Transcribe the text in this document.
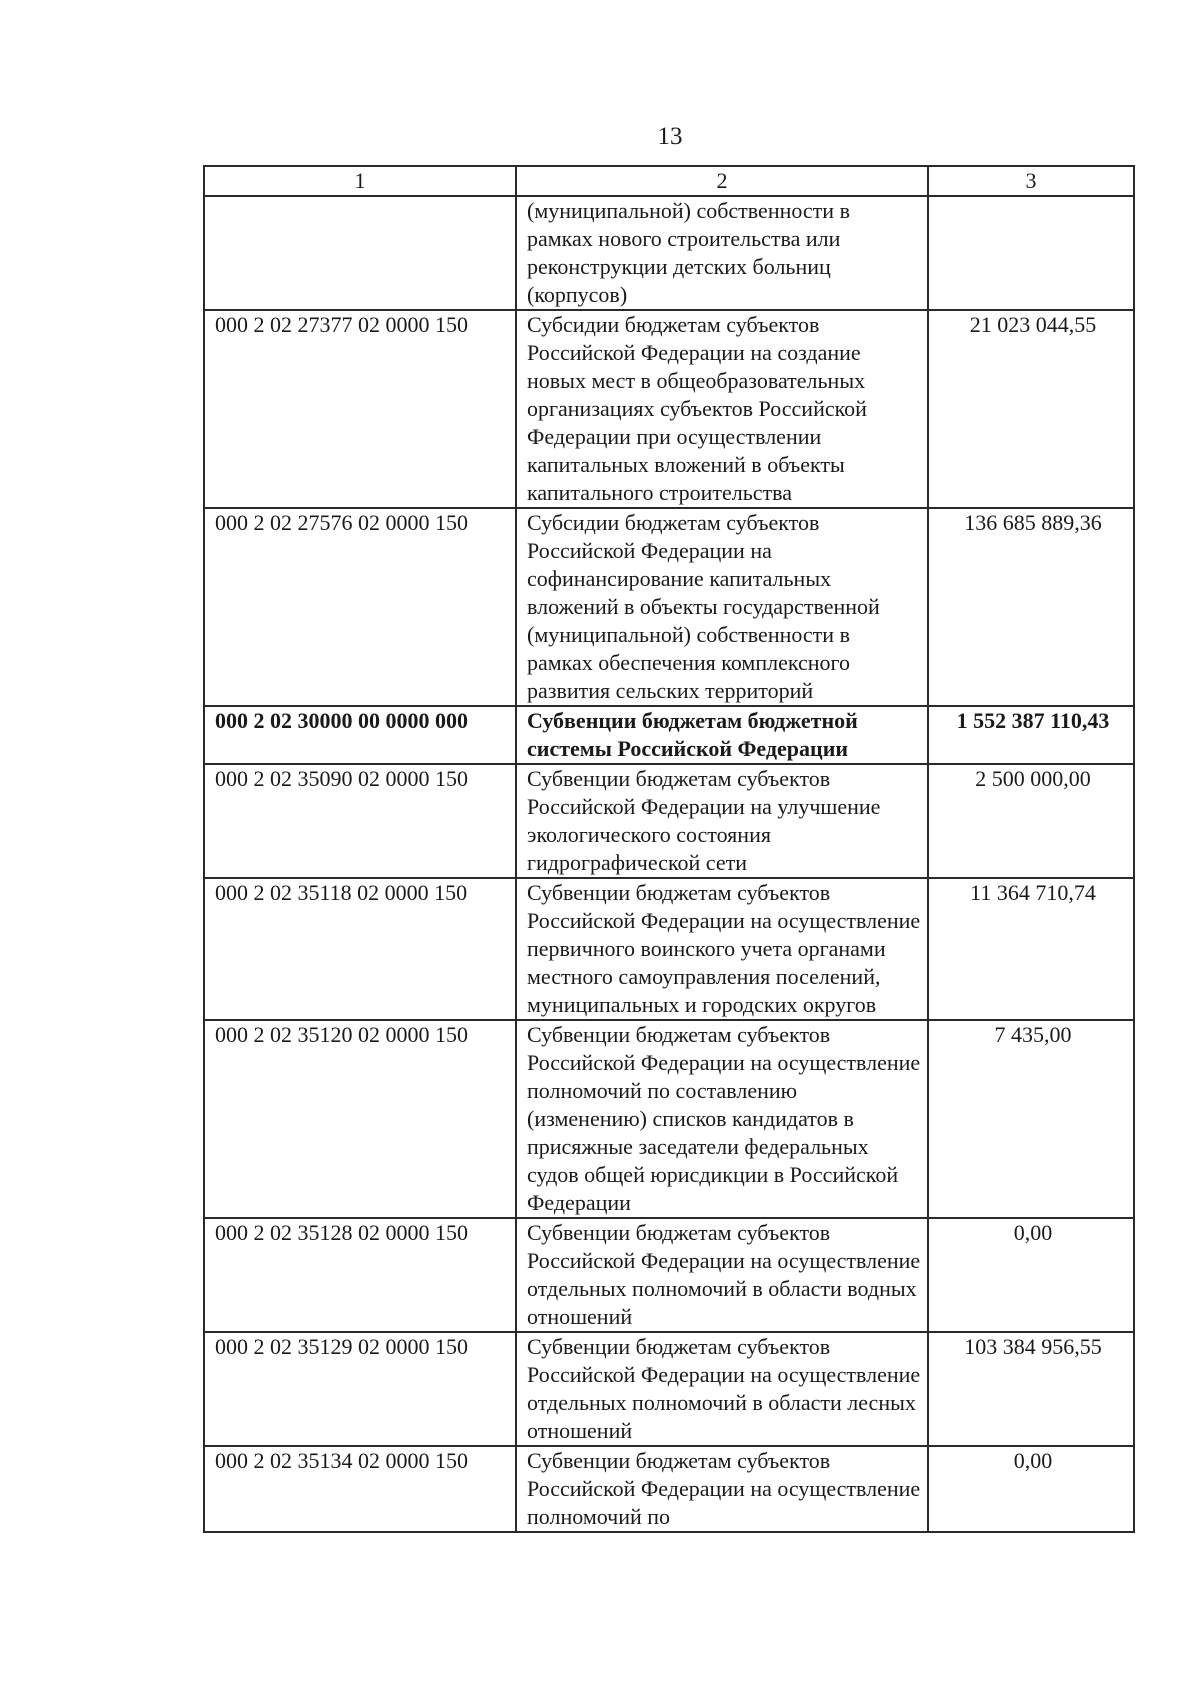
13
1	2	3
	(муниципальной) собственности в рамках нового строительства или реконструкции детских больниц (корпусов)	
000 2 02 27377 02 0000 150	Субсидии бюджетам субъектов Российской Федерации на создание новых мест в общеобразовательных организациях субъектов Российской Федерации при осуществлении капитальных вложений в объекты капитального строительства	21 023 044,55
000 2 02 27576 02 0000 150	Субсидии бюджетам субъектов Российской Федерации на софинансирование капитальных вложений в объекты государственной (муниципальной) собственности в рамках обеспечения комплексного развития сельских территорий	136 685 889,36
000 2 02 30000 00 0000 000	Субвенции бюджетам бюджетной системы Российской Федерации	1 552 387 110,43
000 2 02 35090 02 0000 150	Субвенции бюджетам субъектов Российской Федерации на улучшение экологического состояния гидрографической сети	2 500 000,00
000 2 02 35118 02 0000 150	Субвенции бюджетам субъектов Российской Федерации на осуществление первичного воинского учета органами местного самоуправления поселений, муниципальных и городских округов	11 364 710,74
000 2 02 35120 02 0000 150	Субвенции бюджетам субъектов Российской Федерации на осуществление полномочий по составлению (изменению) списков кандидатов в присяжные заседатели федеральных судов общей юрисдикции в Российской Федерации	7 435,00
000 2 02 35128 02 0000 150	Субвенции бюджетам субъектов Российской Федерации на осуществление отдельных полномочий в области водных отношений	0,00
000 2 02 35129 02 0000 150	Субвенции бюджетам субъектов Российской Федерации на осуществление отдельных полномочий в области лесных отношений	103 384 956,55
000 2 02 35134 02 0000 150	Субвенции бюджетам субъектов Российской Федерации на осуществление полномочий по	0,00
